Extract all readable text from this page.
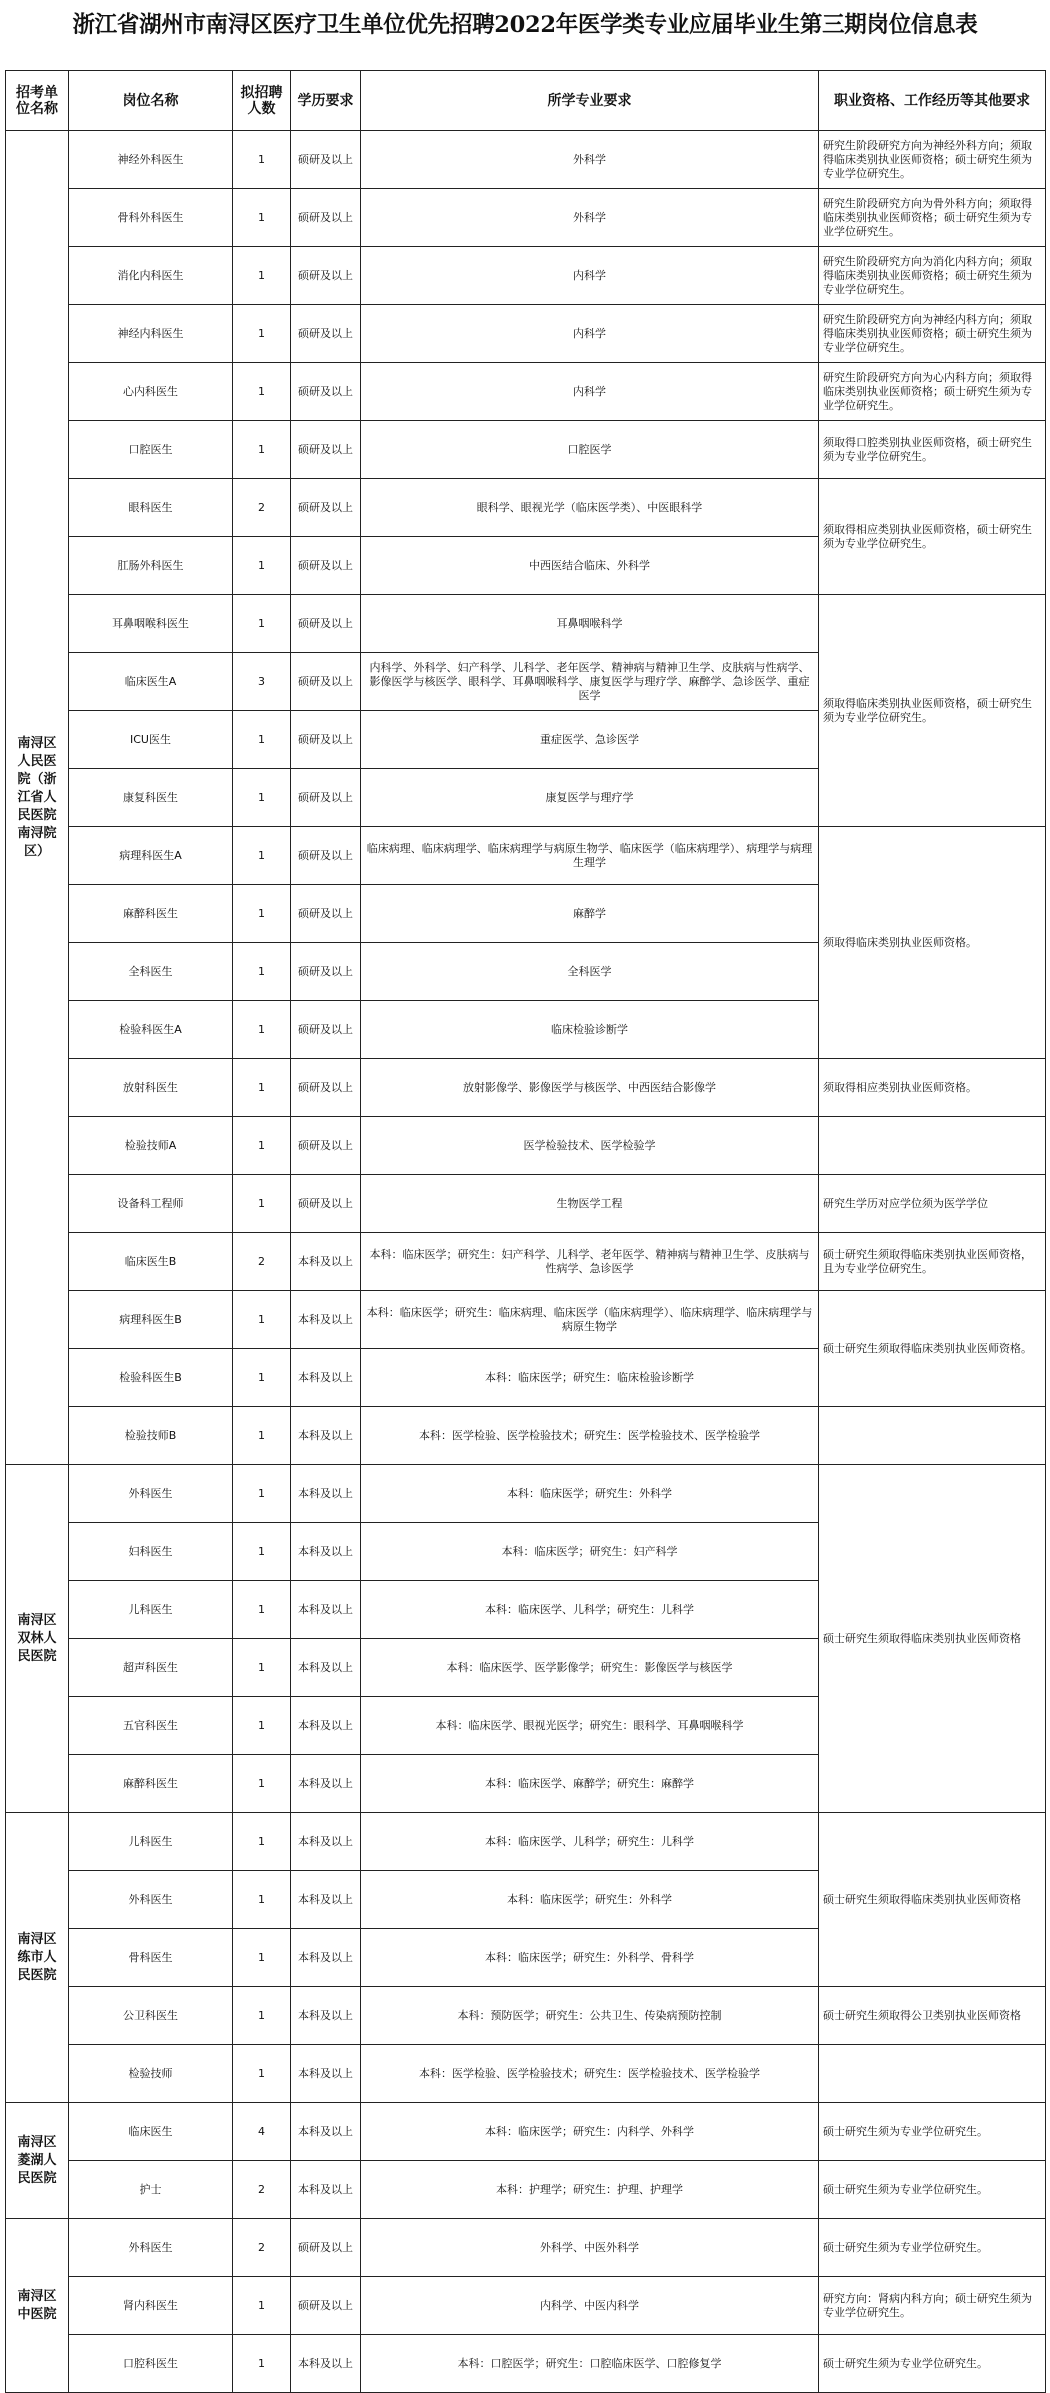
浙江省湖州市南浔区医疗卫生单位优先招聘2022年医学类专业应届毕业生第三期岗位信息表
招考单位名称	岗位名称	拟招聘人数	学历要求	所学专业要求	职业资格、工作经历等其他要求
南浔区人民医院（浙江省人民医院南浔院区）	神经外科医生	1	硕研及以上	外科学	研究生阶段研究方向为神经外科方向；须取得临床类别执业医师资格；硕士研究生须为专业学位研究生。
	骨科外科医生	1	硕研及以上	外科学	研究生阶段研究方向为骨外科方向；须取得临床类别执业医师资格；硕士研究生须为专业学位研究生。
	消化内科医生	1	硕研及以上	内科学	研究生阶段研究方向为消化内科方向；须取得临床类别执业医师资格；硕士研究生须为专业学位研究生。
	神经内科医生	1	硕研及以上	内科学	研究生阶段研究方向为神经内科方向；须取得临床类别执业医师资格；硕士研究生须为专业学位研究生。
	心内科医生	1	硕研及以上	内科学	研究生阶段研究方向为心内科方向；须取得临床类别执业医师资格；硕士研究生须为专业学位研究生。
	口腔医生	1	硕研及以上	口腔医学	须取得口腔类别执业医师资格，硕士研究生须为专业学位研究生。
	眼科医生	2	硕研及以上	眼科学、眼视光学（临床医学类）、中医眼科学	须取得相应类别执业医师资格，硕士研究生须为专业学位研究生。
	肛肠外科医生	1	硕研及以上	中西医结合临床、外科学	
	耳鼻咽喉科医生	1	硕研及以上	耳鼻咽喉科学	须取得临床类别执业医师资格，硕士研究生须为专业学位研究生。
	临床医生A	3	硕研及以上	内科学、外科学、妇产科学、儿科学、老年医学、精神病与精神卫生学、皮肤病与性病学、影像医学与核医学、眼科学、耳鼻咽喉科学、康复医学与理疗学、麻醉学、急诊医学、重症医学	
	ICU医生	1	硕研及以上	重症医学、急诊医学	
	康复科医生	1	硕研及以上	康复医学与理疗学	
	病理科医生A	1	硕研及以上	临床病理、临床病理学、临床病理学与病原生物学、临床医学（临床病理学）、病理学与病理生理学	须取得临床类别执业医师资格。
	麻醉科医生	1	硕研及以上	麻醉学	
	全科医生	1	硕研及以上	全科医学	
	检验科医生A	1	硕研及以上	临床检验诊断学	
	放射科医生	1	硕研及以上	放射影像学、影像医学与核医学、中西医结合影像学	须取得相应类别执业医师资格。
	检验技师A	1	硕研及以上	医学检验技术、医学检验学	
	设备科工程师	1	硕研及以上	生物医学工程	研究生学历对应学位须为医学学位
	临床医生B	2	本科及以上	本科：临床医学；研究生：妇产科学、儿科学、老年医学、精神病与精神卫生学、皮肤病与性病学、急诊医学	硕士研究生须取得临床类别执业医师资格，且为专业学位研究生。
	病理科医生B	1	本科及以上	本科：临床医学；研究生：临床病理、临床医学（临床病理学）、临床病理学、临床病理学与病原生物学	硕士研究生须取得临床类别执业医师资格。
	检验科医生B	1	本科及以上	本科：临床医学；研究生：临床检验诊断学	
	检验技师B	1	本科及以上	本科：医学检验、医学检验技术；研究生：医学检验技术、医学检验学	
南浔区双林人民医院	外科医生	1	本科及以上	本科：临床医学；研究生：外科学	硕士研究生须取得临床类别执业医师资格
	妇科医生	1	本科及以上	本科：临床医学；研究生：妇产科学	
	儿科医生	1	本科及以上	本科：临床医学、儿科学；研究生：儿科学	
	超声科医生	1	本科及以上	本科：临床医学、医学影像学；研究生：影像医学与核医学	
	五官科医生	1	本科及以上	本科：临床医学、眼视光医学；研究生：眼科学、耳鼻咽喉科学	
	麻醉科医生	1	本科及以上	本科：临床医学、麻醉学；研究生：麻醉学	
南浔区练市人民医院	儿科医生	1	本科及以上	本科：临床医学、儿科学；研究生：儿科学	硕士研究生须取得临床类别执业医师资格
	外科医生	1	本科及以上	本科：临床医学；研究生：外科学	
	骨科医生	1	本科及以上	本科：临床医学；研究生：外科学、骨科学	
	公卫科医生	1	本科及以上	本科：预防医学；研究生：公共卫生、传染病预防控制	硕士研究生须取得公卫类别执业医师资格
	检验技师	1	本科及以上	本科：医学检验、医学检验技术；研究生：医学检验技术、医学检验学	
南浔区菱湖人民医院	临床医生	4	本科及以上	本科：临床医学；研究生：内科学、外科学	硕士研究生须为专业学位研究生。
	护士	2	本科及以上	本科：护理学；研究生：护理、护理学	硕士研究生须为专业学位研究生。
南浔区中医院	外科医生	2	硕研及以上	外科学、中医外科学	硕士研究生须为专业学位研究生。
	肾内科医生	1	硕研及以上	内科学、中医内科学	研究方向：肾病内科方向；硕士研究生须为专业学位研究生。
	口腔科医生	1	本科及以上	本科：口腔医学；研究生：口腔临床医学、口腔修复学	硕士研究生须为专业学位研究生。
